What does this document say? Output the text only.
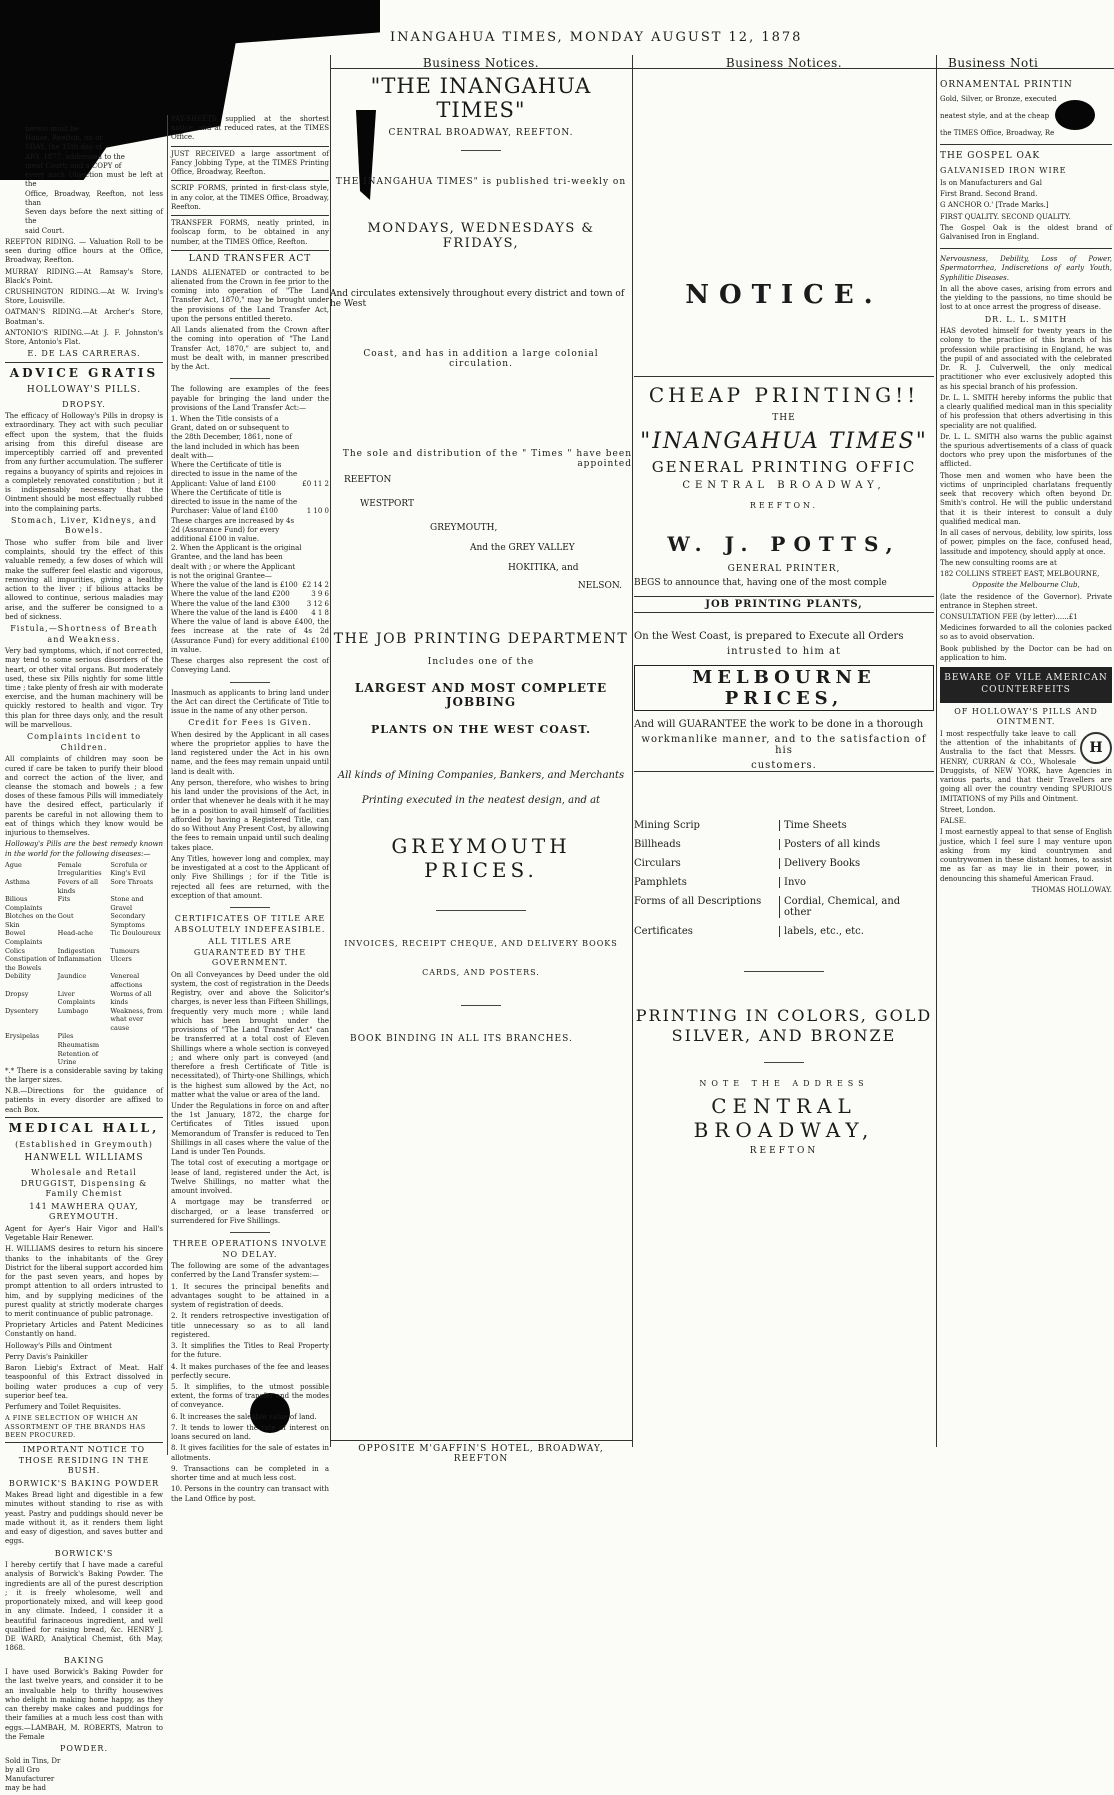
INANGAHUA TIMES, MONDAY AUGUST 12, 1878
nereto must be
House, Reefton, on or
SDAY, the 15th day of
ARY, 1877, addressed to the
ment Court; and a COPY of
every such Objection must be left at the
Office, Broadway, Reefton, not less than
Seven days before the next sitting of the
said Court.
REEFTON RIDING. — Valuation Roll to be seen during office hours at the Office, Broadway, Reefton.
MURRAY RIDING.—At Ramsay's Store, Black's Point.
CRUSHINGTON RIDING.—At W. Irving's Store, Louisville.
OATMAN'S RIDING.—At Archer's Store, Boatman's.
ANTONIO'S RIDING.—At J. F. Johnston's Store, Antonio's Flat.
E. DE LAS CARRERAS.
ADVICE GRATIS
HOLLOWAY'S PILLS.
DROPSY.
The efficacy of Holloway's Pills in dropsy is extraordinary. They act with such peculiar effect upon the system, that the fluids arising from this direful disease are imperceptibly carried off and prevented from any further accumulation. The sufferer regains a buoyancy of spirits and rejoices in a completely renovated constitution ; but it is indispensably necessary that the Ointment should be most effectually rubbed into the complaining parts.
Stomach, Liver, Kidneys, and Bowels.
Those who suffer from bile and liver complaints, should try the effect of this valuable remedy, a few doses of which will make the sufferer feel elastic and vigorous, removing all impurities, giving a healthy action to the liver ; if bilious attacks be allowed to continue, serious maladies may arise, and the sufferer be consigned to a bed of sickness.
Fistula,—Shortness of Breath and Weakness.
Very bad symptoms, which, if not corrected, may tend to some serious disorders of the heart, or other vital organs. But moderately used, these six Pills nightly for some little time ; take plenty of fresh air with moderate exercise, and the human machinery will be quickly restored to health and vigor. Try this plan for three days only, and the result will be marvellous.
Complaints incident to Children.
All complaints of children may soon be cured if care be taken to purify their blood and correct the action of the liver, and cleanse the stomach and bowels ; a few doses of these famous Pills will immediately have the desired effect, particularly if parents be careful in not allowing them to eat of things which they know would be injurious to themselves.
Holloway's Pills are the best remedy known in the world for the following diseases:—
Ague	Female Irregularities	Scrofula or King's Evil
Asthma	Fevers of all kinds	Sore Throats
Bilious Complaints	Fits	Stone and Gravel
Blotches on the Skin	Gout	Secondary Symptoms
Bowel Complaints	Head-ache	Tic Douloureux
Colics	Indigestion	Tumours
Constipation of the Bowels	Inflammation	Ulcers
Debility	Jaundice	Venereal affections
Dropsy	Liver Complaints	Worms of all kinds
Dysentery	Lumbago	Weakness, from what ever cause
Erysipelas	Piles	
	Rheumatism	
	Retention of Urine	
*.* There is a considerable saving by taking the larger sizes.
N.B.—Directions for the guidance of patients in every disorder are affixed to each Box.
MEDICAL HALL,
(Established in Greymouth)
HANWELL WILLIAMS
Wholesale and Retail DRUGGIST, Dispensing & Family Chemist
141 MAWHERA QUAY, GREYMOUTH.
Agent for Ayer's Hair Vigor and Hall's Vegetable Hair Renewer.
H. WILLIAMS desires to return his sincere thanks to the inhabitants of the Grey District for the liberal support accorded him for the past seven years, and hopes by prompt attention to all orders intrusted to him, and by supplying medicines of the purest quality at strictly moderate charges to merit continuance of public patronage.
Proprietary Articles and Patent Medicines Constantly on hand.
Holloway's Pills and Ointment
Perry Davis's Painkiller
Baron Liebig's Extract of Meat. Half teaspoonful of this Extract dissolved in boiling water produces a cup of very superior beef tea.
Perfumery and Toilet Requisites.
A FINE SELECTION OF WHICH AN ASSORTMENT OF THE BRANDS HAS BEEN PROCURED.
IMPORTANT NOTICE TO THOSE RESIDING IN THE BUSH.
BORWICK'S BAKING POWDER
Makes Bread light and digestible in a few minutes without standing to rise as with yeast. Pastry and puddings should never be made without it, as it renders them light and easy of digestion, and saves butter and eggs.
BORWICK'S
I hereby certify that I have made a careful analysis of Borwick's Baking Powder. The ingredients are all of the purest description ; it is freely wholesome, well and proportionately mixed, and will keep good in any climate. Indeed, I consider it a beautiful farinaceous ingredient, and well qualified for raising bread, &c. HENRY J. DE WARD, Analytical Chemist, 6th May, 1868.
BAKING
I have used Borwick's Baking Powder for the last twelve years, and consider it to be an invaluable help to thrifty housewives who delight in making home happy, as they can thereby make cakes and puddings for their families at a much less cost than with eggs.—LAMBAH, M. ROBERTS, Matron to the Female
POWDER.
Sold in Tins, Dr
by all Gro
Manufacturer
may be had
PAY-SHEETS supplied at the shortest notice, and at reduced rates, at the TIMES Office.
JUST RECEIVED a large assortment of Fancy Jobbing Type, at the TIMES Printing Office, Broadway, Reefton.
SCRIP FORMS, printed in first-class style, in any color, at the TIMES Office, Broadway, Reefton.
TRANSFER FORMS, neatly printed, in foolscap form, to be obtained in any number, at the TIMES Office, Reefton.
LAND TRANSFER ACT
LANDS ALIENATED or contracted to be alienated from the Crown in fee prior to the coming into operation of "The Land Transfer Act, 1870," may be brought under the provisions of the Land Transfer Act, upon the persons entitled thereto.
All Lands alienated from the Crown after the coming into operation of "The Land Transfer Act, 1870," are subject to, and must be dealt with, in manner prescribed by the Act.
The following are examples of the fees payable for bringing the land under the provisions of the Land Transfer Act:—
1. When the Title consists of a Grant, dated on or subsequent to the 28th December, 1861, none of the land included in which has been dealt with—	
Where the Certificate of title is directed to issue in the name of the Applicant: Value of land £100	£0 11 2
Where the Certificate of title is directed to issue in the name of the Purchaser: Value of land £100	1 10 0
These charges are increased by 4s 2d (Assurance Fund) for every additional £100 in value.	
2. When the Applicant is the original Grantee, and the land has been dealt with ; or where the Applicant is not the original Grantee—	
Where the value of the land is £100	£2 14 2
Where the value of the land £200	3 9 6
Where the value of the land £300	3 12 6
Where the value of the land is £400	4 1 8
Where the value of land is above £400, the fees increase at the rate of 4s 2d (Assurance Fund) for every additional £100 in value.
These charges also represent the cost of Conveying Land.
Inasmuch as applicants to bring land under the Act can direct the Certificate of Title to issue in the name of any other person.
Credit for Fees is Given.
When desired by the Applicant in all cases where the proprietor applies to have the land registered under the Act in his own name, and the fees may remain unpaid until land is dealt with.
Any person, therefore, who wishes to bring his land under the provisions of the Act, in order that whenever he deals with it he may be in a position to avail himself of facilities afforded by having a Registered Title, can do so Without Any Present Cost, by allowing the fees to remain unpaid until such dealing takes place.
Any Titles, however long and complex, may be investigated at a cost to the Applicant of only Five Shillings ; for if the Title is rejected all fees are returned, with the exception of that amount.
CERTIFICATES OF TITLE ARE ABSOLUTELY INDEFEASIBLE.
ALL TITLES ARE GUARANTEED BY THE GOVERNMENT.
On all Conveyances by Deed under the old system, the cost of registration in the Deeds Registry, over and above the Solicitor's charges, is never less than Fifteen Shillings, frequently very much more ; while land which has been brought under the provisions of "The Land Transfer Act" can be transferred at a total cost of Eleven Shillings where a whole section is conveyed ; and where only part is conveyed (and therefore a fresh Certificate of Title is necessitated), of Thirty-one Shillings, which is the highest sum allowed by the Act, no matter what the value or area of the land.
Under the Regulations in force on and after the 1st January, 1872, the charge for Certificates of Titles issued upon Memorandum of Transfer is reduced to Ten Shillings in all cases where the value of the Land is under Ten Pounds.
The total cost of executing a mortgage or lease of land, registered under the Act, is Twelve Shillings, no matter what the amount involved.
A mortgage may be transferred or discharged, or a lease transferred or surrendered for Five Shillings.
THREE OPERATIONS INVOLVE NO DELAY.
The following are some of the advantages conferred by the Land Transfer system:—
1. It secures the principal benefits and advantages sought to be attained in a system of registration of deeds.
2. It renders retrospective investigation of title unnecessary so as to all land registered.
3. It simplifies the Titles to Real Property for the future.
4. It makes purchases of the fee and leases perfectly secure.
5. It simplifies, to the utmost possible extent, the forms of transfer and the modes of conveyance.
6. It increases the saleable value of land.
7. It tends to lower the rate of interest on loans secured on land.
8. It gives facilities for the sale of estates in allotments.
9. Transactions can be completed in a shorter time and at much less cost.
10. Persons in the country can transact with the Land Office by post.
Business Notices.
"THE INANGAHUA TIMES"
CENTRAL BROADWAY, REEFTON.
THE INANGAHUA TIMES" is published tri-weekly on
MONDAYS, WEDNESDAYS & FRIDAYS,
And circulates extensively throughout every district and town of he West
Coast, and has in addition a large colonial circulation.
The sole and distribution of the " Times " have been appointed
REEFTON
WESTPORT
GREYMOUTH,
And the GREY VALLEY
HOKITIKA, and
NELSON.
THE JOB PRINTING DEPARTMENT
Includes one of the
LARGEST AND MOST COMPLETE JOBBING
PLANTS ON THE WEST COAST.
All kinds of Mining Companies, Bankers, and Merchants
Printing executed in the neatest design, and at
GREYMOUTH PRICES.
INVOICES, RECEIPT CHEQUE, AND DELIVERY BOOKS
CARDS, AND POSTERS.
BOOK BINDING IN ALL ITS BRANCHES.
OPPOSITE M'GAFFIN'S HOTEL, BROADWAY, REEFTON
Business Notices.
NOTICE.
CHEAP PRINTING!!
THE
"INANGAHUA TIMES"
GENERAL PRINTING OFFIC
CENTRAL BROADWAY,
REEFTON.
W. J. POTTS,
GENERAL PRINTER,
BEGS to announce that, having one of the most comple
JOB PRINTING PLANTS,
On the West Coast, is prepared to Execute all Orders
intrusted to him at
MELBOURNE PRICES,
And will GUARANTEE the work to be done in a thorough
workmanlike manner, and to the satisfaction of his
customers.
Mining Scrip	Time Sheets
Billheads	Posters of all kinds
Circulars	Delivery Books
Pamphlets	Invo
Forms of all Descriptions	Cordial, Chemical, and other
Certificates	labels, etc., etc.
PRINTING IN COLORS, GOLD SILVER, AND BRONZE
NOTE THE ADDRESS
CENTRAL BROADWAY,
REEFTON
Business Noti
ORNAMENTAL PRINTIN
Gold, Silver, or Bronze, executed
neatest style, and at the cheap
the TIMES Office, Broadway, Re
THE GOSPEL OAK
GALVANISED IRON WIRE
Is on Manufacturers and Gal
First Brand. Second Brand.
G ANCHOR O.' [Trade Marks.]
FIRST QUALITY. SECOND QUALITY.
The Gospel Oak is the oldest brand of Galvanised Iron in England.
Nervousness, Debility, Loss of Power, Spermatorrhea, Indiscretions of early Youth, Syphilitic Diseases.
In all the above cases, arising from errors and the yielding to the passions, no time should be lost to at once arrest the progress of disease.
DR. L. L. SMITH
HAS devoted himself for twenty years in the colony to the practice of this branch of his profession while practising in England, he was the pupil of and associated with the celebrated Dr. R. J. Culverwell, the only medical practitioner who ever exclusively adopted this as his special branch of his profession.
Dr. L. L. SMITH hereby informs the public that a clearly qualified medical man in this speciality of his profession that others advertising in this speciality are not qualified.
Dr. L. L. SMITH also warns the public against the spurious advertisements of a class of quack doctors who prey upon the misfortunes of the afflicted.
Those men and women who have been the victims of unprincipled charlatans frequently seek that recovery which often beyond Dr. Smith's control. He will the public understand that it is their interest to consult a duly qualified medical man.
In all cases of nervous, debility, low spirits, loss of power, pimples on the face, confused head, lassitude and impotency, should apply at once.
The new consulting rooms are at
182 COLLINS STREET EAST, MELBOURNE,
Opposite the Melbourne Club,
(late the residence of the Governor). Private entrance in Stephen street.
CONSULTATION FEE (by letter)......£1
Medicines forwarded to all the colonies packed so as to avoid observation.
Book published by the Doctor can be had on application to him.
BEWARE OF VILE AMERICAN COUNTERFEITS
OF HOLLOWAY'S PILLS AND OINTMENT.
H
I most respectfully take leave to call the attention of the inhabitants of Australia to the fact that Messrs. HENRY, CURRAN & CO., Wholesale Druggists, of NEW YORK, have Agencies in various parts, and that their Travellers are going all over the country vending SPURIOUS IMITATIONS of my Pills and Ointment.
Street, London.
FALSE.
I most earnestly appeal to that sense of English justice, which I feel sure I may venture upon asking from my kind countrymen and countrywomen in these distant homes, to assist me as far as may lie in their power, in denouncing this shameful American Fraud.
THOMAS HOLLOWAY.
